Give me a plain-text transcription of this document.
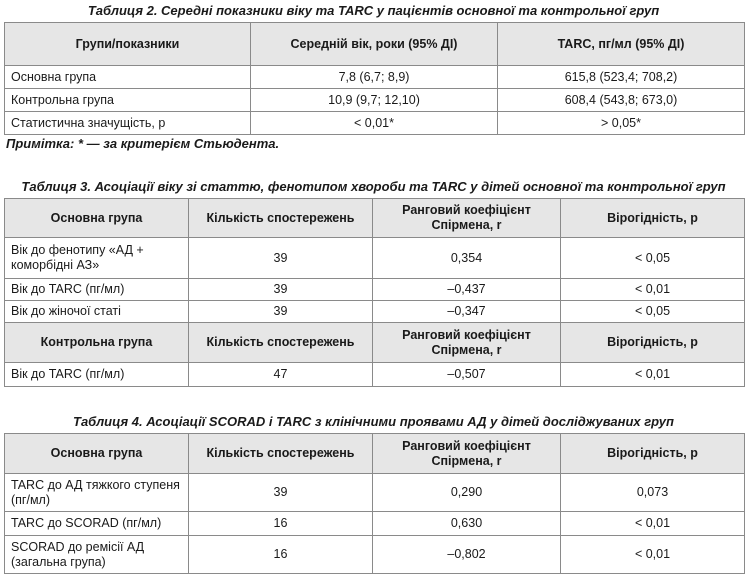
Таблиця 2. Середні показники віку та TARC у пацієнтів основної та контрольної груп
Групи/показники	Середній вік, роки (95% ДІ)	TARC, пг/мл (95% ДІ)
Основна група	7,8 (6,7; 8,9)	615,8 (523,4; 708,2)
Контрольна група	10,9 (9,7; 12,10)	608,4 (543,8; 673,0)
Статистична значущість, p	< 0,01*	> 0,05*
Примітка: * — за критерієм Стьюдента.
Таблиця 3. Асоціації віку зі статтю, фенотипом хвороби та TARC у дітей основної та контрольної груп
Основна група	Кількість спостережень	Ранговий коефіцієнт Спірмена, r	Вірогідність, p
Вік до фенотипу «АД + коморбідні АЗ»	39	0,354	< 0,05
Вік до TARC (пг/мл)	39	–0,437	< 0,01
Вік до жіночої статі	39	–0,347	< 0,05
Контрольна група	Кількість спостережень	Ранговий коефіцієнт Спірмена, r	Вірогідність, p
Вік до TARC (пг/мл)	47	–0,507	< 0,01
Таблиця 4. Асоціації SCORAD і TARC з клінічними проявами АД у дітей досліджуваних груп
Основна група	Кількість спостережень	Ранговий коефіцієнт Спірмена, r	Вірогідність, p
TARC до АД тяжкого ступеня (пг/мл)	39	0,290	0,073
TARC до SCORAD (пг/мл)	16	0,630	< 0,01
SCORAD до ремісії АД (загальна група)	16	–0,802	< 0,01
